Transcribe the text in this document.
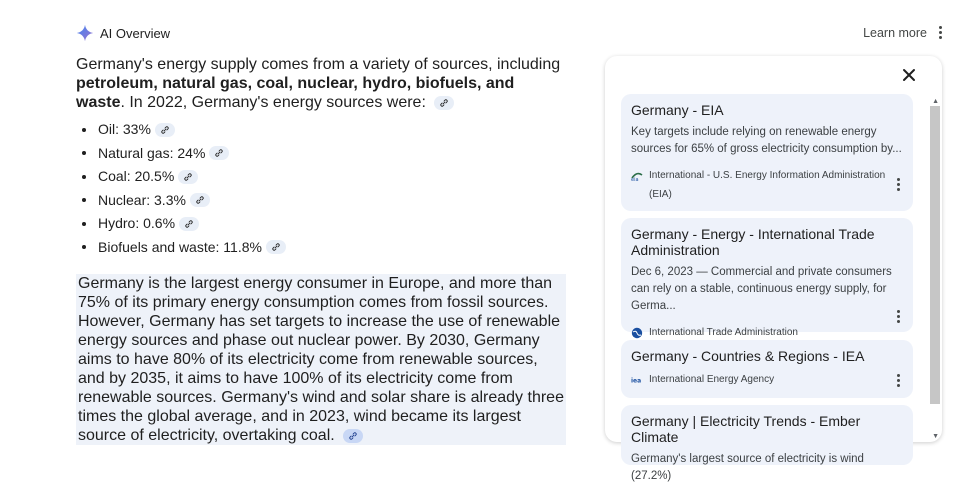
AI Overview	Learn more
Germany's energy supply comes from a variety of sources, including petroleum, natural gas, coal, nuclear, hydro, biofuels, and waste. In 2022, Germany's energy sources were:
Oil: 33%
Natural gas: 24%
Coal: 20.5%
Nuclear: 3.3%
Hydro: 0.6%
Biofuels and waste: 11.8%
Germany is the largest energy consumer in Europe, and more than 75% of its primary energy consumption comes from fossil sources. However, Germany has set targets to increase the use of renewable energy sources and phase out nuclear power. By 2030, Germany aims to have 80% of its electricity come from renewable sources, and by 2035, it aims to have 100% of its electricity come from renewable sources. Germany's wind and solar share is already three times the global average, and in 2023, wind became its largest source of electricity, overtaking coal.
▲
▼
Germany - EIA
Key targets include relying on renewable energy sources for 65% of gross electricity consumption by...
eia International - U.S. Energy Information Administration (EIA)
Germany - Energy - International Trade Administration
Dec 6, 2023 — Commercial and private consumers can rely on a stable, continuous energy supply, for Germa...
International Trade Administration
Germany - Countries & Regions - IEA
iea International Energy Agency
Germany | Electricity Trends - Ember Climate
Germany's largest source of electricity is wind (27.2%)
